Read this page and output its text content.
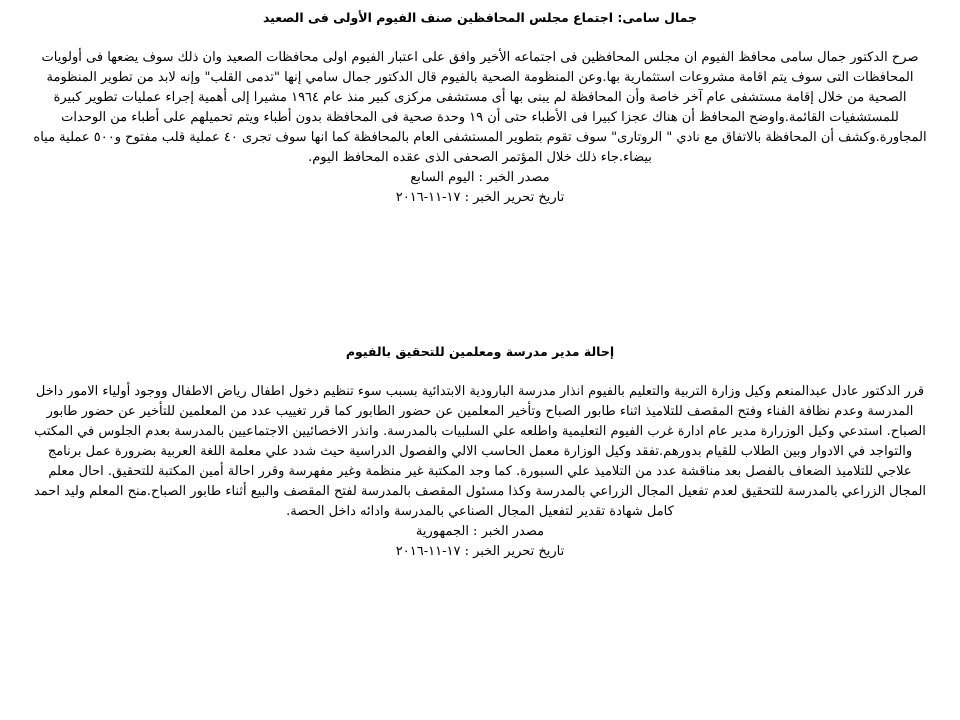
جمال سامى: اجتماع مجلس المحافظين صنف الفيوم الأولى فى الصعيد

صرح الدكتور جمال سامى محافظ الفيوم ان مجلس المحافظين فى اجتماعه الأخير وافق على اعتبار الفيوم اولى محافظات الصعيد وان ذلك سوف يضعها فى أولويات المحافظات التى سوف يتم اقامة مشروعات استثمارية بها.وعن المنظومة الصحية بالفيوم قال الدكتور جمال سامي إنها "تدمى القلب" وإنه لابد من تطوير المنظومة الصحية من خلال إقامة مستشفى عام آخر خاصة وأن المحافظة لم يبنى بها أى مستشفى مركزى كبير منذ عام ١٩٦٤ مشيرا إلى أهمية إجراء عمليات تطوير كبيرة للمستشفيات القائمة.واوضح المحافظ أن هناك عجزا كبيرا فى الأطباء حتى أن ١٩ وحدة صحية فى المحافظة بدون أطباء ويتم تحميلهم على أطباء من الوحدات المجاورة.وكشف أن المحافظة بالاتفاق مع نادي " الروتارى" سوف تقوم بتطوير المستشفى العام بالمحافظة كما انها سوف تجرى ٤٠ عملية قلب مفتوح و٥٠٠ عملية مياه بيضاء.جاء ذلك خلال المؤتمر الصحفى الذى عقده المحافظ اليوم.

مصدر الخبر : اليوم السابع

تاريخ تحرير الخبر : ١٧-١١-٢٠١٦

إحالة مدير مدرسة ومعلمين للتحقيق بالفيوم

قرر الدكتور عادل عبدالمنعم وكيل وزارة التربية والتعليم بالفيوم انذار مدرسة البارودية الابتدائية بسبب سوء تنظيم دخول اطفال رياض الاطفال ووجود أولياء الامور داخل المدرسة وعدم نظافة الفناء وفتح المقصف للتلاميذ اثناء طابور الصباح وتأخير المعلمين عن حضور الطابور كما قرر تغييب عدد من المعلمين للتأخير عن حضور طابور الصباح. استدعي وكيل الوزرارة مدير عام ادارة غرب الفيوم التعليمية واطلعه علي السلبيات بالمدرسة. وانذر الاخصائيين الاجتماعيين بالمدرسة بعدم الجلوس في المكتب والتواجد في الادوار وبين الطلاب للقيام بدورهم.تفقد وكيل الوزارة معمل الحاسب الالي والفصول الدراسية حيث شدد علي معلمة اللغة العربية بضرورة عمل برنامج علاجي للتلاميذ الضعاف بالفصل بعد مناقشة عدد من التلاميذ علي السبورة. كما وجد المكتبة غير منظمة وغير مفهرسة وقرر احالة أمين المكتبة للتحقيق. احال معلم المجال الزراعي بالمدرسة للتحقيق لعدم تفعيل المجال الزراعي بالمدرسة وكذا مسئول المقصف بالمدرسة لفتح المقصف والبيع أثناء طابور الصباح.منح المعلم وليد احمد كامل شهادة تقدير لتفعيل المجال الصناعي بالمدرسة وادائه داخل الحصة.

مصدر الخبر : الجمهورية

تاريخ تحرير الخبر : ١٧-١١-٢٠١٦
